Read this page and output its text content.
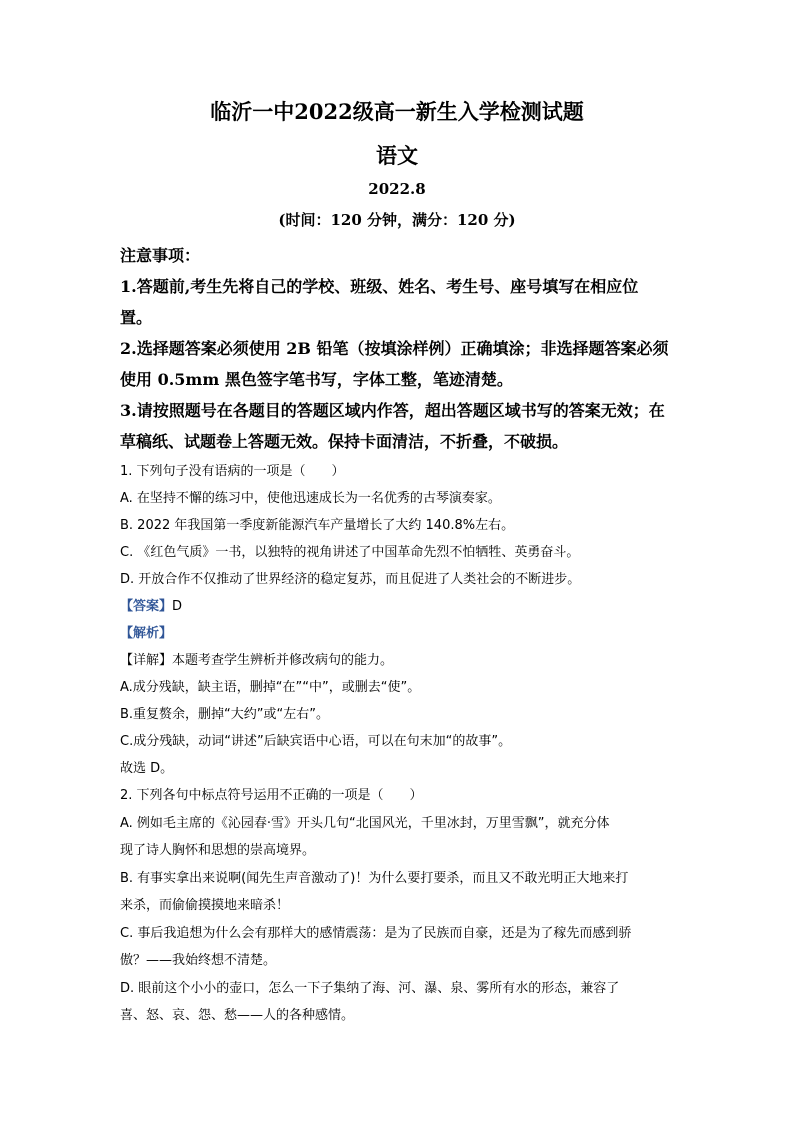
临沂一中2022级高一新生入学检测试题
语文
2022.8
(时间：120 分钟，满分：120 分)
注意事项：
1.答题前,考生先将自己的学校、班级、姓名、考生号、座号填写在相应位
置。
2.选择题答案必须使用 2B 铅笔（按填涂样例）正确填涂；非选择题答案必须
使用 0.5mm 黑色签字笔书写，字体工整，笔迹清楚。
3.请按照题号在各题目的答题区域内作答，超出答题区域书写的答案无效；在
草稿纸、试题卷上答题无效。保持卡面清洁，不折叠，不破损。
1. 下列句子没有语病的一项是（　　）
A. 在坚持不懈的练习中，使他迅速成长为一名优秀的古琴演奏家。
B. 2022 年我国第一季度新能源汽车产量增长了大约 140.8%左右。
C. 《红色气质》一书，以独特的视角讲述了中国革命先烈不怕牺牲、英勇奋斗。
D. 开放合作不仅推动了世界经济的稳定复苏，而且促进了人类社会的不断进步。
【答案】D
【解析】
【详解】本题考查学生辨析并修改病句的能力。
A.成分残缺，缺主语，删掉“在”“中”，或删去“使”。
B.重复赘余，删掉“大约”或“左右”。
C.成分残缺，动词“讲述”后缺宾语中心语，可以在句末加“的故事”。
故选 D。
2. 下列各句中标点符号运用不正确的一项是（　　）
A. 例如毛主席的《沁园春·雪》开头几句“北国风光，千里冰封，万里雪飘”，就充分体
现了诗人胸怀和思想的崇高境界。
B. 有事实拿出来说啊(闻先生声音激动了)！为什么要打要杀，而且又不敢光明正大地来打
来杀，而偷偷摸摸地来暗杀！
C. 事后我追想为什么会有那样大的感情震荡：是为了民族而自豪，还是为了稼先而感到骄
傲？——我始终想不清楚。
D. 眼前这个小小的壶口，怎么一下子集纳了海、河、瀑、泉、雾所有水的形态，兼容了
喜、怒、哀、怨、愁——人的各种感情。
